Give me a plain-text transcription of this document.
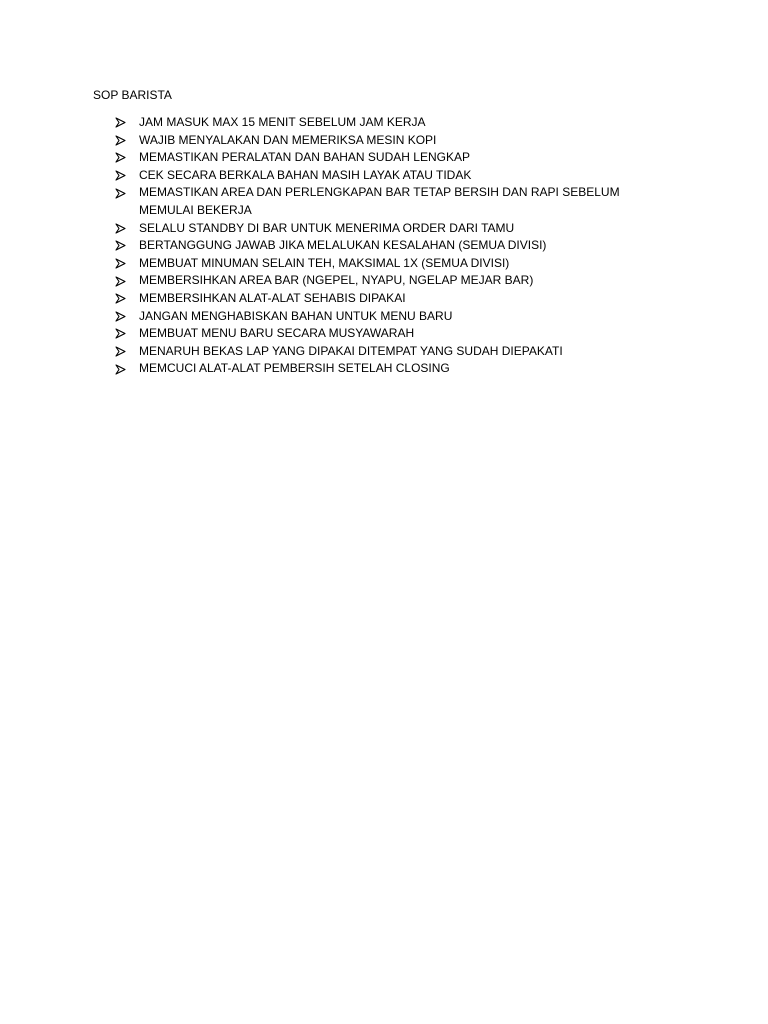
SOP BARISTA
JAM MASUK MAX 15 MENIT SEBELUM JAM KERJA
WAJIB MENYALAKAN DAN MEMERIKSA MESIN KOPI
MEMASTIKAN PERALATAN DAN BAHAN SUDAH LENGKAP
CEK SECARA BERKALA BAHAN MASIH LAYAK ATAU TIDAK
MEMASTIKAN AREA DAN PERLENGKAPAN BAR TETAP BERSIH DAN RAPI SEBELUM MEMULAI BEKERJA
SELALU STANDBY DI BAR UNTUK MENERIMA ORDER DARI TAMU
BERTANGGUNG JAWAB JIKA MELALUKAN KESALAHAN (SEMUA DIVISI)
MEMBUAT MINUMAN SELAIN TEH, MAKSIMAL 1X (SEMUA DIVISI)
MEMBERSIHKAN AREA BAR (NGEPEL, NYAPU, NGELAP MEJAR BAR)
MEMBERSIHKAN ALAT-ALAT SEHABIS DIPAKAI
JANGAN MENGHABISKAN BAHAN UNTUK MENU BARU
MEMBUAT MENU BARU SECARA MUSYAWARAH
MENARUH BEKAS LAP YANG DIPAKAI DITEMPAT YANG SUDAH DIEPAKATI
MEMCUCI ALAT-ALAT PEMBERSIH SETELAH CLOSING
